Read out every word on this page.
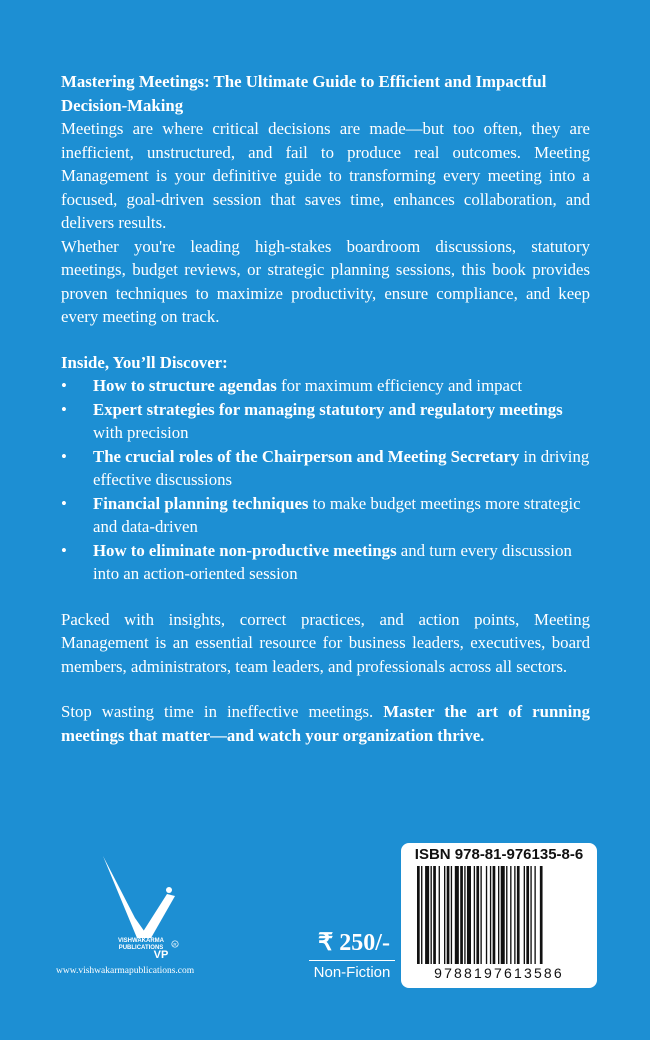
Mastering Meetings: The Ultimate Guide to Efficient and Impactful Decision-Making

Meetings are where critical decisions are made—but too often, they are inefficient, unstructured, and fail to produce real outcomes. Meeting Management is your definitive guide to transforming every meeting into a focused, goal-driven session that saves time, enhances collaboration, and delivers results.

Whether you're leading high-stakes boardroom discussions, statutory meetings, budget reviews, or strategic planning sessions, this book provides proven techniques to maximize productivity, ensure compliance, and keep every meeting on track.

Inside, You’ll Discover:

• How to structure agendas for maximum efficiency and impact
• Expert strategies for managing statutory and regulatory meetings with precision
• The crucial roles of the Chairperson and Meeting Secretary in driving effective discussions
• Financial planning techniques to make budget meetings more strategic and data-driven
• How to eliminate non-productive meetings and turn every discussion into an action-oriented session

Packed with insights, correct practices, and action points, Meeting Management is an essential resource for business leaders, executives, board members, administrators, team leaders, and professionals across all sectors.

Stop wasting time in ineffective meetings. Master the art of running meetings that matter—and watch your organization thrive.

VISHWAKARMA
PUBLICATIONS
VP
R
www.vishwakarmapublications.com
₹ 250/-
Non-Fiction
ISBN 978-81-976135-8-6
9788197613586
